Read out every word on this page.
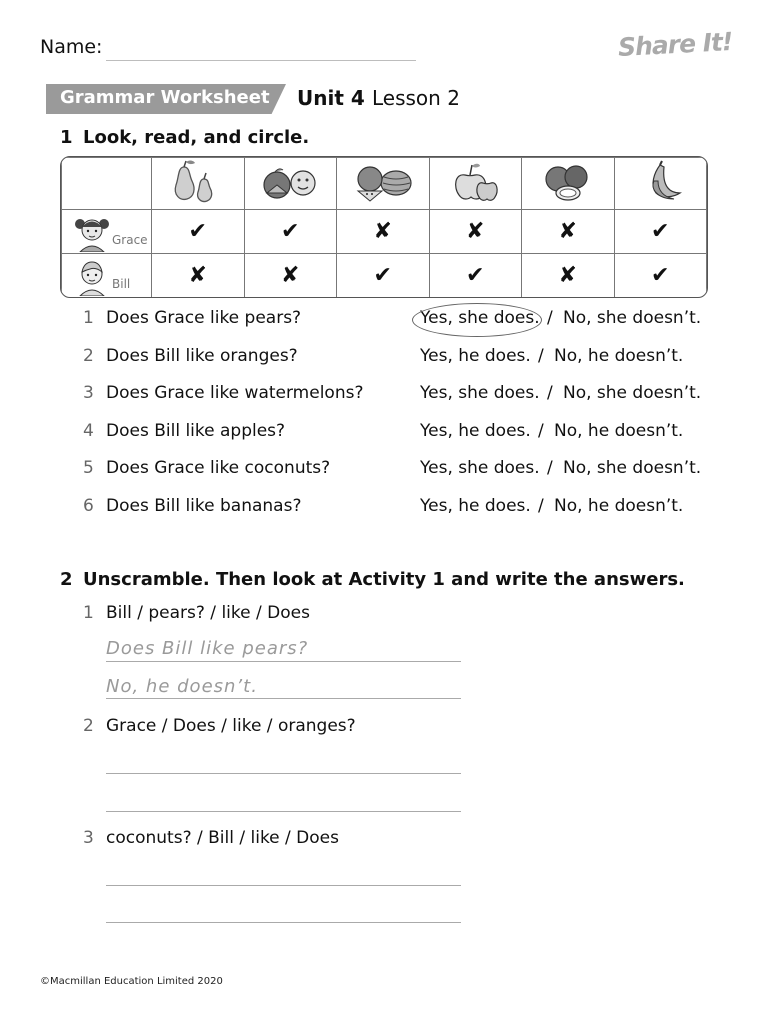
Name:	Share It!
Grammar Worksheet Unit 4 Lesson 2
1 Look, read, and circle.

Grace	✔	✔	✘	✘	✘	✔

Bill	✘	✘	✔	✔	✘	✔
1 Does Grace like pears?	Yes, she does. / No, she doesn’t.
2 Does Bill like oranges?	Yes, he does. / No, he doesn’t.
3 Does Grace like watermelons?	Yes, she does. / No, she doesn’t.
4 Does Bill like apples?	Yes, he does. / No, he doesn’t.
5 Does Grace like coconuts?	Yes, she does. / No, she doesn’t.
6 Does Bill like bananas?	Yes, he does. / No, he doesn’t.
2 Unscramble. Then look at Activity 1 and write the answers.
1 Bill / pears? / like / Does
Does Bill like pears?
No, he doesn’t.
2 Grace / Does / like / oranges?
3 coconuts? / Bill / like / Does
©Macmillan Education Limited 2020
